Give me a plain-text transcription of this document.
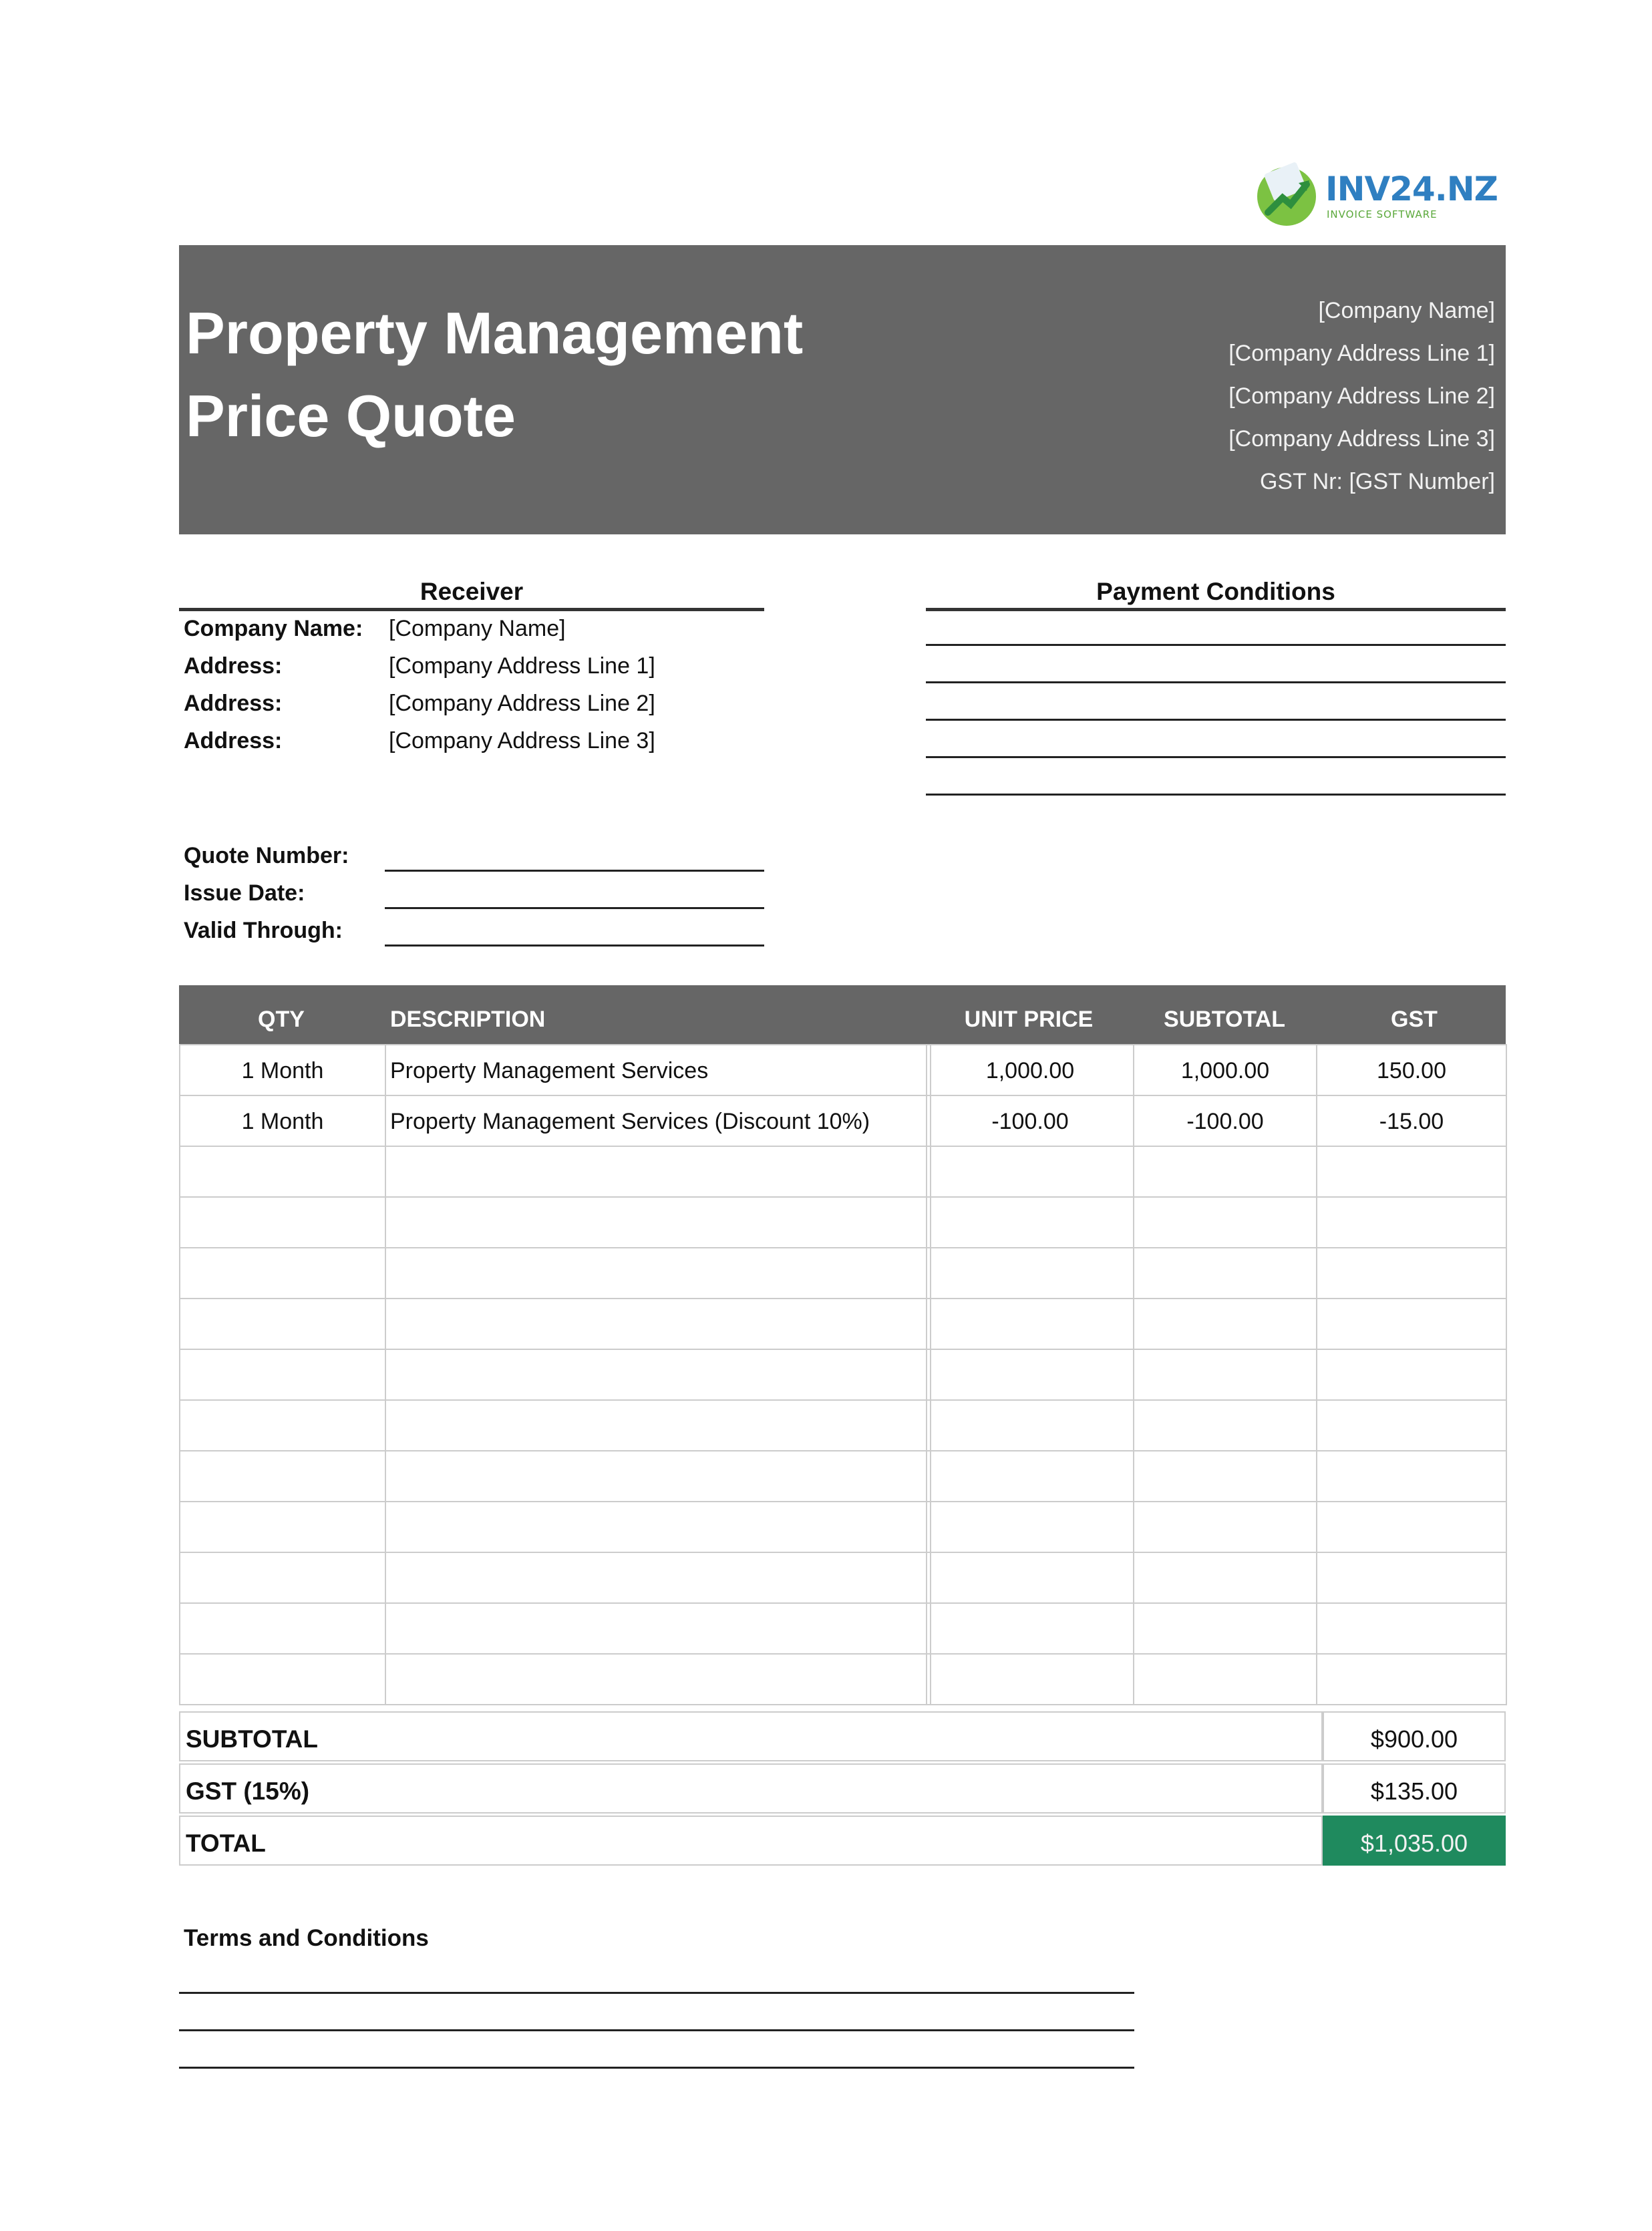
INV24.NZ
INVOICE SOFTWARE
Property Management
Price Quote
[Company Name]
[Company Address Line 1]
[Company Address Line 2]
[Company Address Line 3]
GST Nr: [GST Number]
Receiver
Company Name: [Company Name]
Address:	[Company Address Line 1]
Address:	[Company Address Line 2]
Address:	[Company Address Line 3]
Payment Conditions
Quote Number:
Issue Date:
Valid Through:
QTY	DESCRIPTION	UNIT PRICE	SUBTOTAL	GST
1 Month	Property Management Services	1,000.00	1,000.00	150.00
1 Month	Property Management Services (Discount 10%)	-100.00	-100.00	-15.00
SUBTOTAL	$900.00
GST (15%)	$135.00
TOTAL	$1,035.00
Terms and Conditions
